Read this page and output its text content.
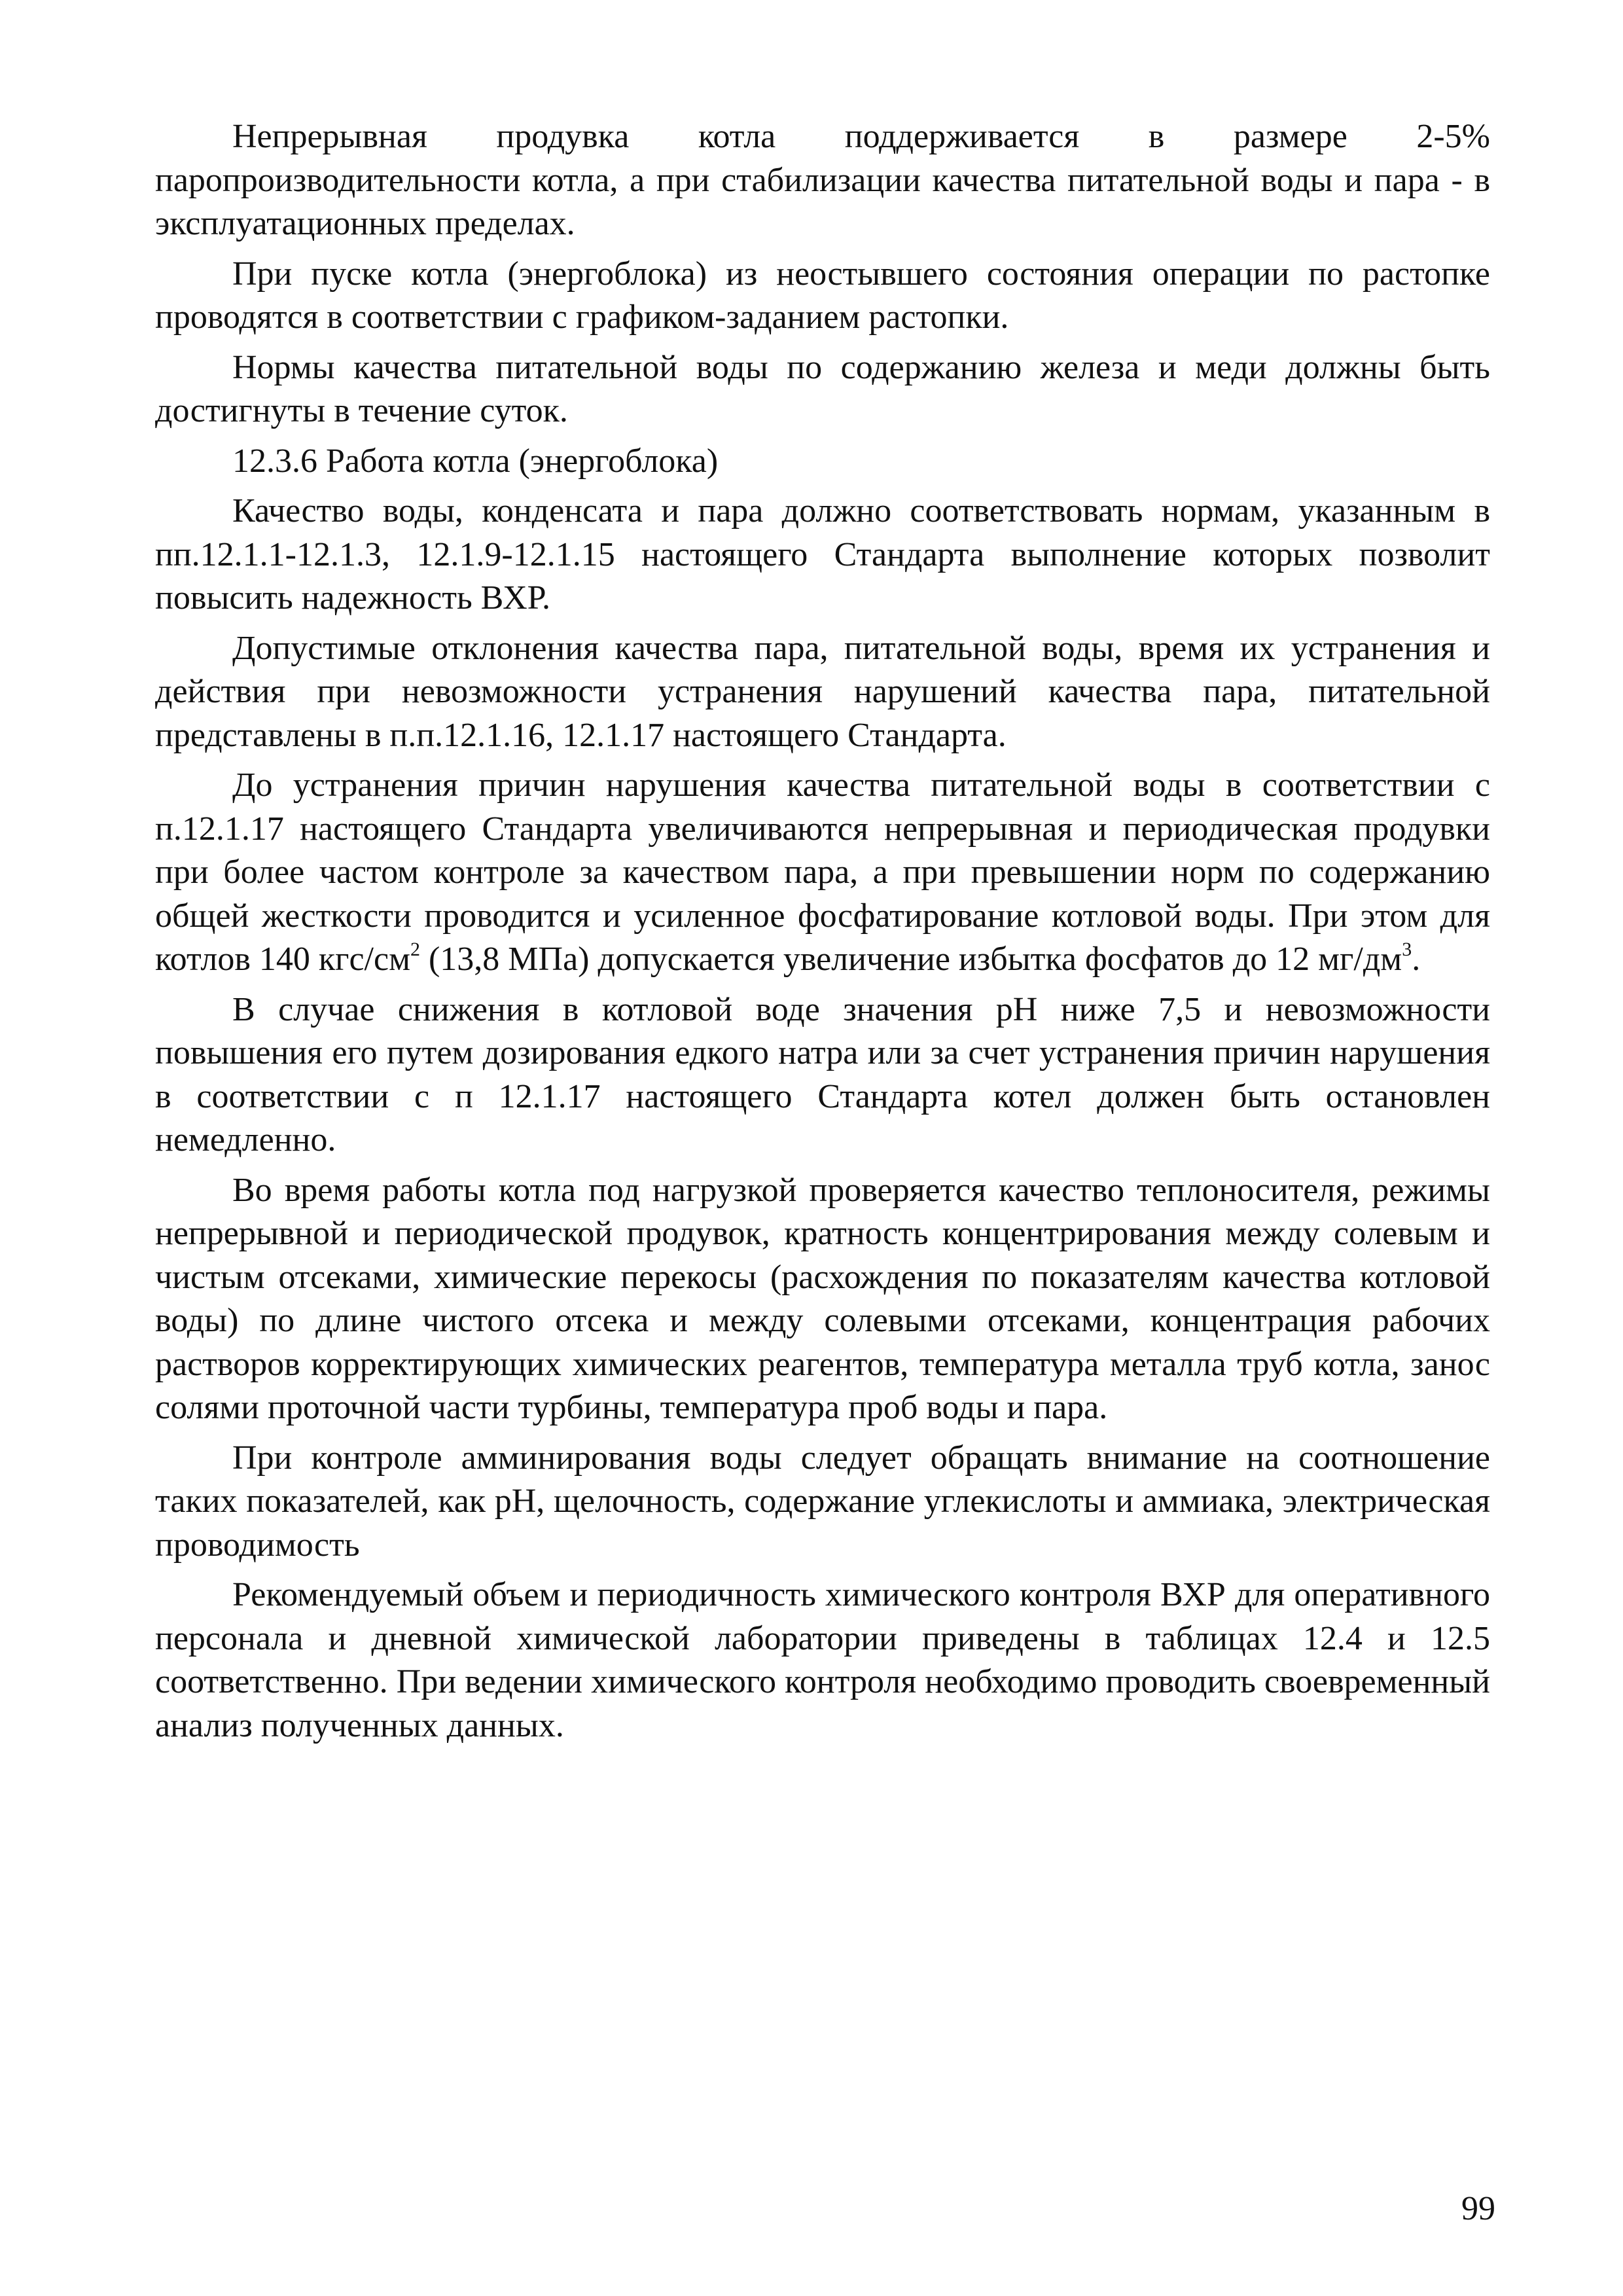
Непрерывная продувка котла поддерживается в размере 2-5% паропроизводительности котла, а при стабилизации качества питательной воды и пара - в эксплуатационных пределах.

При пуске котла (энергоблока) из неостывшего состояния операции по растопке проводятся в соответствии с графиком-заданием растопки.

Нормы качества питательной воды по содержанию железа и меди должны быть достигнуты в течение суток.

12.3.6 Работа котла (энергоблока)

Качество воды, конденсата и пара должно соответствовать нормам, указанным в пп.12.1.1-12.1.3, 12.1.9-12.1.15 настоящего Стандарта выполнение которых позволит повысить надежность ВХР.

Допустимые отклонения качества пара, питательной воды, время их устранения и действия при невозможности устранения нарушений качества пара, питательной представлены в п.п.12.1.16, 12.1.17 настоящего Стандарта.

До устранения причин нарушения качества питательной воды в соответствии с п.12.1.17 настоящего Стандарта увеличиваются непрерывная и периодическая продувки при более частом контроле за качеством пара, а при превышении норм по содержанию общей жесткости проводится и усиленное фосфатирование котловой воды. При этом для котлов 140 кгс/$см^2$ (13,8 МПа) допускается увеличение избытка фосфатов до 12 $мг/дм^3$.

В случае снижения в котловой воде значения pH ниже 7,5 и невозможности повышения его путем дозирования едкого натра или за счет устранения причин нарушения в соответствии с п 12.1.17 настоящего Стандарта котел должен быть остановлен немедленно.

Во время работы котла под нагрузкой проверяется качество теплоносителя, режимы непрерывной и периодической продувок, кратность концентрирования между солевым и чистым отсеками, химические перекосы (расхождения по показателям качества котловой воды) по длине чистого отсека и между солевыми отсеками, концентрация рабочих растворов корректирующих химических реагентов, температура металла труб котла, занос солями проточной части турбины, температура проб воды и пара.

При контроле амминирования воды следует обращать внимание на соотношение таких показателей, как pH, щелочность, содержание углекислоты и аммиака, электрическая проводимость

Рекомендуемый объем и периодичность химического контроля ВХР для оперативного персонала и дневной химической лаборатории приведены в таблицах 12.4 и 12.5 соответственно. При ведении химического контроля необходимо проводить своевременный анализ полученных данных.

99
